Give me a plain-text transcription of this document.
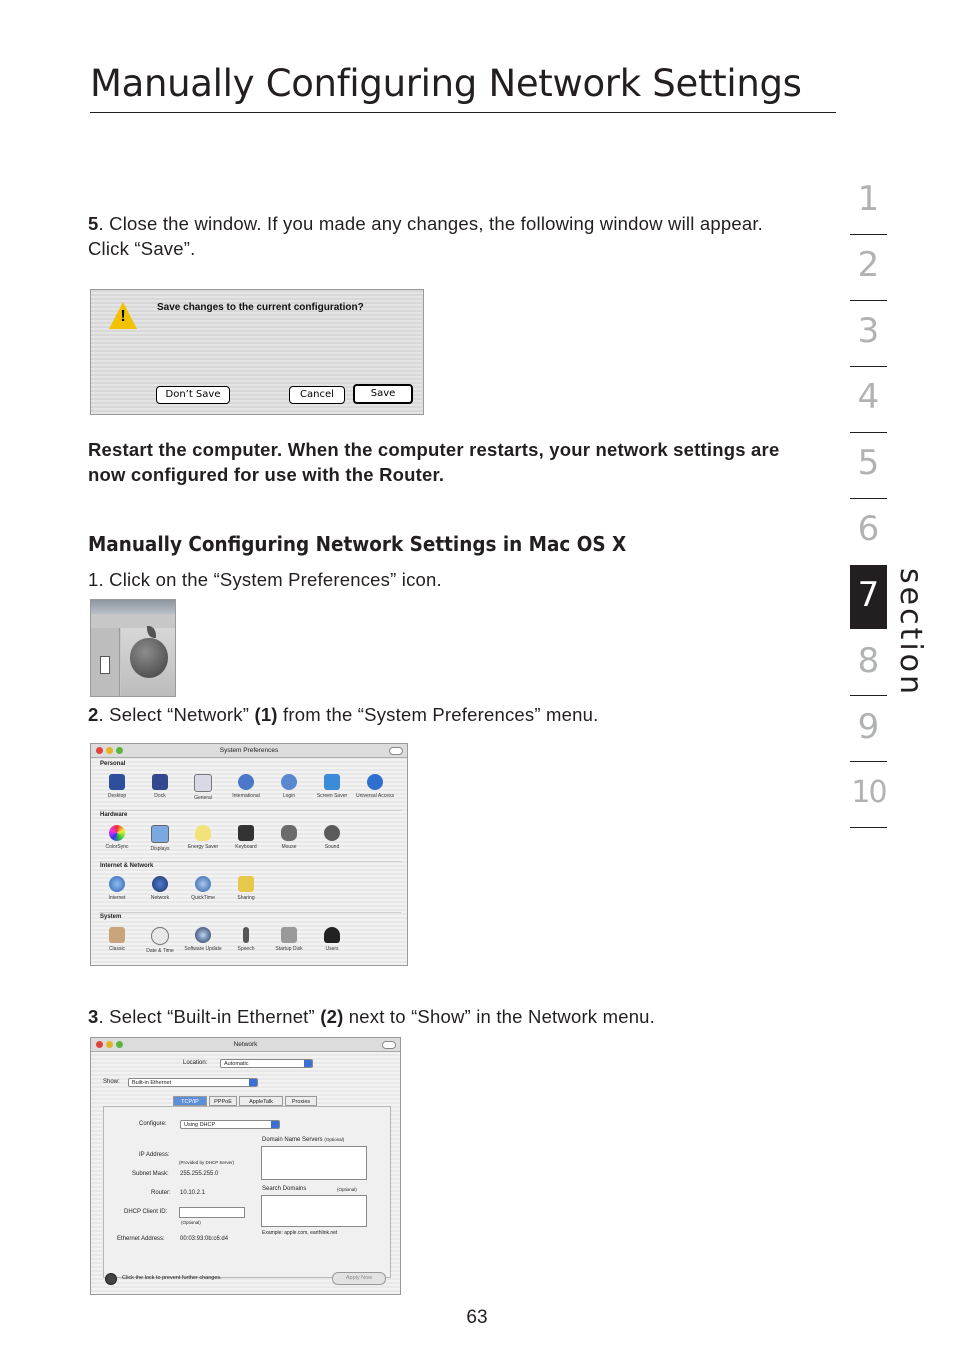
Manually Configuring Network Settings
5. Close the window. If you made any changes, the following window will appear. Click “Save”.
!
Save changes to the current configuration?
Don’t Save	Cancel	Save
Restart the computer. When the computer restarts, your network settings are now configured for use with the Router.
Manually Configuring Network Settings in Mac OS X
1. Click on the “System Preferences” icon.
2. Select “Network” (1) from the “System Preferences” menu.
System Preferences
Personal
Desktop	Dock	General	International	Login	Screen Saver	Universal Access
Hardware
ColorSync	Displays	Energy Saver	Keyboard	Mouse	Sound
Internet & Network
Internet	Network	QuickTime	Sharing
System
Classic	Date & Time	Software Update	Speech	Startup Disk	Users
3. Select “Built-in Ethernet” (2) next to “Show” in the Network menu.
Network
Location:	Automatic
Show:	Built-in Ethernet
TCP/IP	PPPoE	AppleTalk	Proxies
Configure:	Using DHCP
Domain Name Servers (Optional)
IP Address:
(Provided by DHCP Server)
Subnet Mask: 255.255.255.0
Search Domains	(Optional)
Router: 10.10.2.1
DHCP Client ID:
(Optional)
Example: apple.com, earthlink.net
Ethernet Address:	00:03:93:0b:c6:d4
Click the lock to prevent further changes.	Apply Now
1
2
3
4
5
6
7
8
9
10
section
63
